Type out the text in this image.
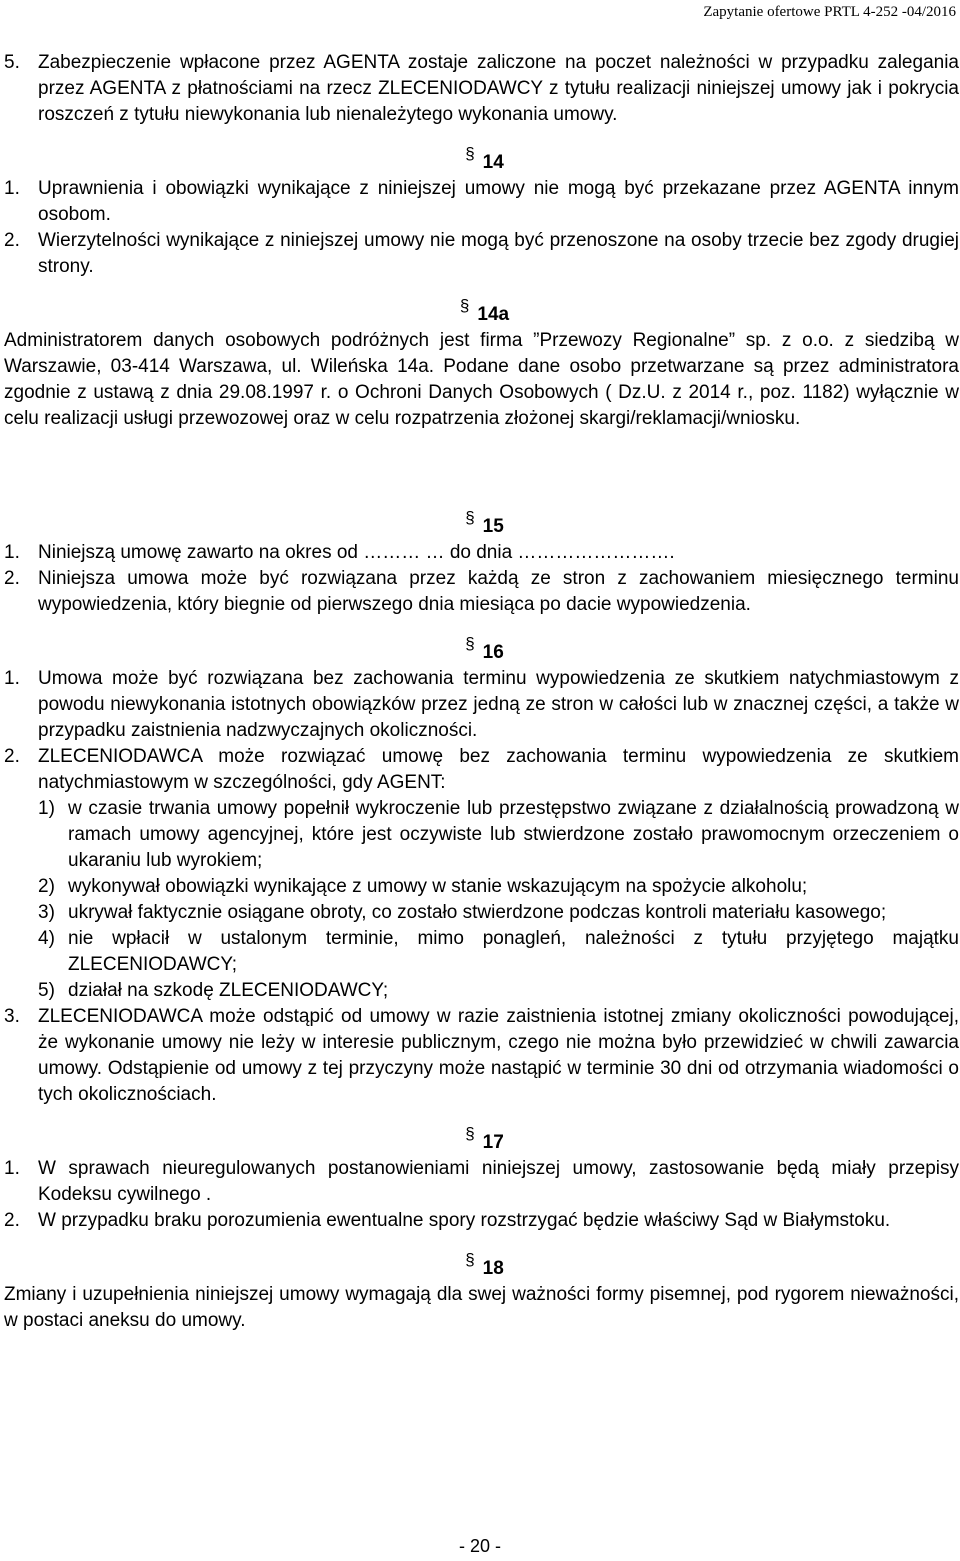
Zapytanie ofertowe PRTL 4-252 -04/2016
5. Zabezpieczenie wpłacone przez AGENTA zostaje zaliczone na poczet należności w przypadku zalegania przez AGENTA z płatnościami na rzecz ZLECENIODAWCY z tytułu realizacji niniejszej umowy jak i pokrycia roszczeń z tytułu niewykonania lub nienależytego wykonania umowy.
§ 14
1. Uprawnienia i obowiązki wynikające z niniejszej umowy nie mogą być przekazane przez AGENTA innym osobom.
2. Wierzytelności wynikające z niniejszej umowy nie mogą być przenoszone na osoby trzecie bez zgody drugiej strony.
§ 14a
Administratorem danych osobowych podróżnych jest firma ”Przewozy Regionalne” sp. z o.o. z siedzibą w Warszawie, 03-414 Warszawa, ul. Wileńska 14a. Podane dane osobo przetwarzane są przez administratora zgodnie z ustawą z dnia 29.08.1997 r. o Ochroni Danych Osobowych ( Dz.U. z 2014 r., poz. 1182) wyłącznie w celu realizacji usługi przewozowej oraz w celu rozpatrzenia złożonej skargi/reklamacji/wniosku.
§ 15
1. Niniejszą umowę zawarto na okres od ……… … do dnia …………………….
2. Niniejsza umowa może być rozwiązana przez każdą ze stron z zachowaniem miesięcznego terminu wypowiedzenia, który biegnie od pierwszego dnia miesiąca po dacie wypowiedzenia.
§ 16
1. Umowa może być rozwiązana bez zachowania terminu wypowiedzenia ze skutkiem natychmiastowym z powodu niewykonania istotnych obowiązków przez jedną ze stron w całości lub w znacznej części, a także w przypadku zaistnienia nadzwyczajnych okoliczności.
2. ZLECENIODAWCA może rozwiązać umowę bez zachowania terminu wypowiedzenia ze skutkiem natychmiastowym w szczególności, gdy AGENT:
1) w czasie trwania umowy popełnił wykroczenie lub przestępstwo związane z działalnością prowadzoną w ramach umowy agencyjnej, które jest oczywiste lub stwierdzone zostało prawomocnym orzeczeniem o ukaraniu lub wyrokiem;
2) wykonywał obowiązki wynikające z umowy w stanie wskazującym na spożycie alkoholu;
3) ukrywał faktycznie osiągane obroty, co zostało stwierdzone podczas kontroli materiału kasowego;
4) nie wpłacił w ustalonym terminie, mimo ponagleń, należności z tytułu przyjętego majątku ZLECENIODAWCY;
5) działał na szkodę ZLECENIODAWCY;
3. ZLECENIODAWCA może odstąpić od umowy w razie zaistnienia istotnej zmiany okoliczności powodującej, że wykonanie umowy nie leży w interesie publicznym, czego nie można było przewidzieć w chwili zawarcia umowy. Odstąpienie od umowy z tej przyczyny może nastąpić w terminie 30 dni od otrzymania wiadomości o tych okolicznościach.
§ 17
1. W sprawach nieuregulowanych postanowieniami niniejszej umowy, zastosowanie będą miały przepisy Kodeksu cywilnego .
2. W przypadku braku porozumienia ewentualne spory rozstrzygać będzie właściwy Sąd w Białymstoku.
§ 18
Zmiany i uzupełnienia niniejszej umowy wymagają dla swej ważności formy pisemnej, pod rygorem nieważności, w postaci aneksu do umowy.
- 20 -
